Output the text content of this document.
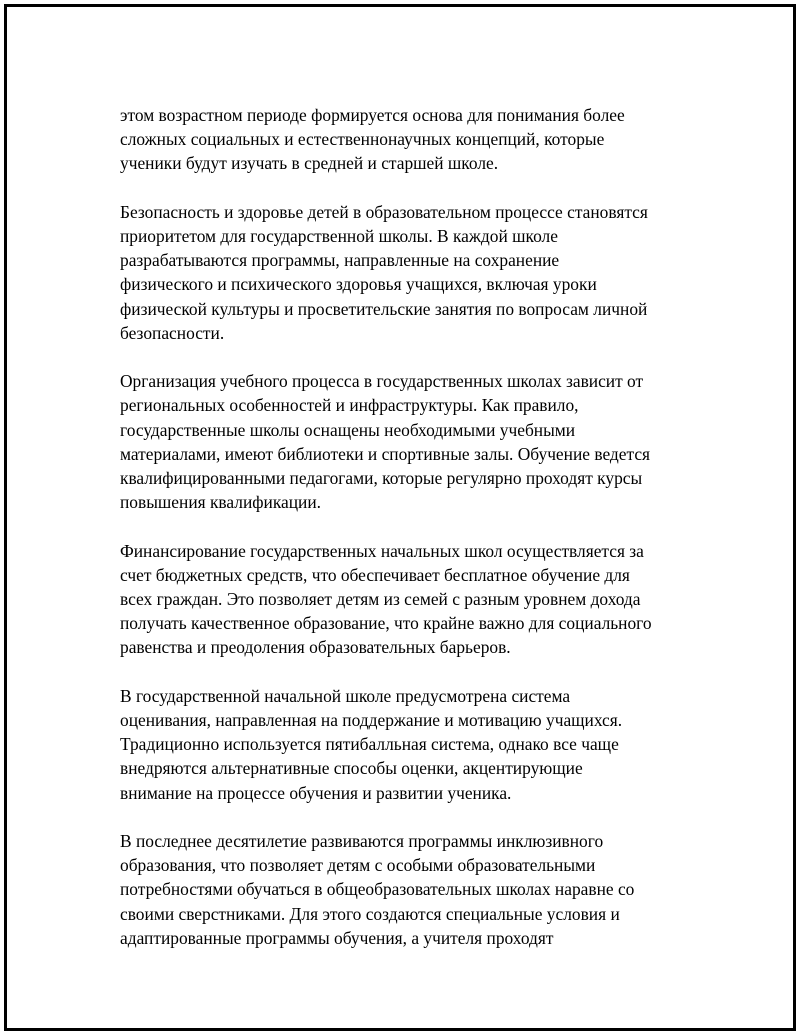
этом возрастном периоде формируется основа для понимания более
сложных социальных и естественнонаучных концепций, которые
ученики будут изучать в средней и старшей школе.

Безопасность и здоровье детей в образовательном процессе становятся
приоритетом для государственной школы. В каждой школе
разрабатываются программы, направленные на сохранение
физического и психического здоровья учащихся, включая уроки
физической культуры и просветительские занятия по вопросам личной
безопасности.

Организация учебного процесса в государственных школах зависит от
региональных особенностей и инфраструктуры. Как правило,
государственные школы оснащены необходимыми учебными
материалами, имеют библиотеки и спортивные залы. Обучение ведется
квалифицированными педагогами, которые регулярно проходят курсы
повышения квалификации.

Финансирование государственных начальных школ осуществляется за
счет бюджетных средств, что обеспечивает бесплатное обучение для
всех граждан. Это позволяет детям из семей с разным уровнем дохода
получать качественное образование, что крайне важно для социального
равенства и преодоления образовательных барьеров.

В государственной начальной школе предусмотрена система
оценивания, направленная на поддержание и мотивацию учащихся.
Традиционно используется пятибалльная система, однако все чаще
внедряются альтернативные способы оценки, акцентирующие
внимание на процессе обучения и развитии ученика.

В последнее десятилетие развиваются программы инклюзивного
образования, что позволяет детям с особыми образовательными
потребностями обучаться в общеобразовательных школах наравне со
своими сверстниками. Для этого создаются специальные условия и
адаптированные программы обучения, а учителя проходят
